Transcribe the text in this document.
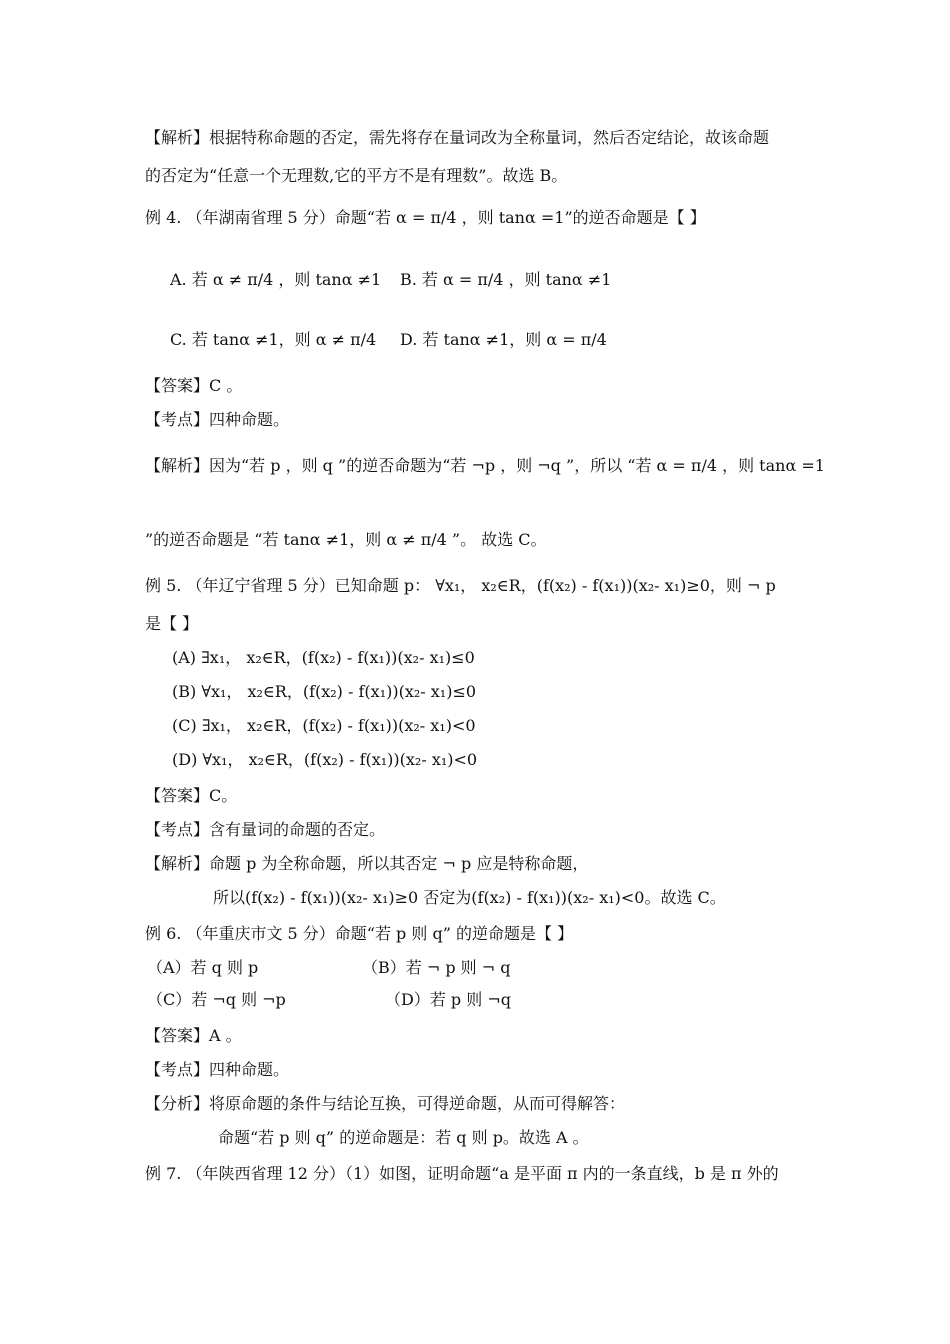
【解析】根据特称命题的否定，需先将存在量词改为全称量词，然后否定结论，故该命题
的否定为“任意一个无理数,它的平方不是有理数”。故选 B。
例 4. （年湖南省理 5 分）命题“若 α = π/4 ，则 tanα =1”的逆否命题是【 】
A. 若 α ≠ π/4 ，则 tanα ≠1 B. 若 α = π/4 ，则 tanα ≠1
C. 若 tanα ≠1，则 α ≠ π/4 D. 若 tanα ≠1，则 α = π/4
【答案】C 。
【考点】四种命题。
【解析】因为“若 p ，则 q ”的逆否命题为“若 ¬p ，则 ¬q ”，所以 “若 α = π/4 ，则 tanα =1
”的逆否命题是 “若 tanα ≠1，则 α ≠ π/4 ”。 故选 C。
例 5. （年辽宁省理 5 分）已知命题 p： ∀x₁， x₂∈R，(f(x₂) - f(x₁))(x₂- x₁)≥0，则 ¬ p
是【 】
(A) ∃x₁， x₂∈R，(f(x₂) - f(x₁))(x₂- x₁)≤0
(B) ∀x₁， x₂∈R，(f(x₂) - f(x₁))(x₂- x₁)≤0
(C) ∃x₁， x₂∈R，(f(x₂) - f(x₁))(x₂- x₁)<0
(D) ∀x₁， x₂∈R，(f(x₂) - f(x₁))(x₂- x₁)<0
【答案】C。
【考点】含有量词的命题的否定。
【解析】命题 p 为全称命题，所以其否定 ¬ p 应是特称命题，
所以(f(x₂) - f(x₁))(x₂- x₁)≥0 否定为(f(x₂) - f(x₁))(x₂- x₁)<0。故选 C。
例 6. （年重庆市文 5 分）命题“若 p 则 q” 的逆命题是【 】
（A）若 q 则 p	（B）若 ¬ p 则 ¬ q
（C）若 ¬q 则 ¬p	（D）若 p 则 ¬q
【答案】A 。
【考点】四种命题。
【分析】将原命题的条件与结论互换，可得逆命题，从而可得解答：
命题“若 p 则 q” 的逆命题是：若 q 则 p。故选 A 。
例 7. （年陕西省理 12 分）（1）如图，证明命题“a 是平面 π 内的一条直线，b 是 π 外的
